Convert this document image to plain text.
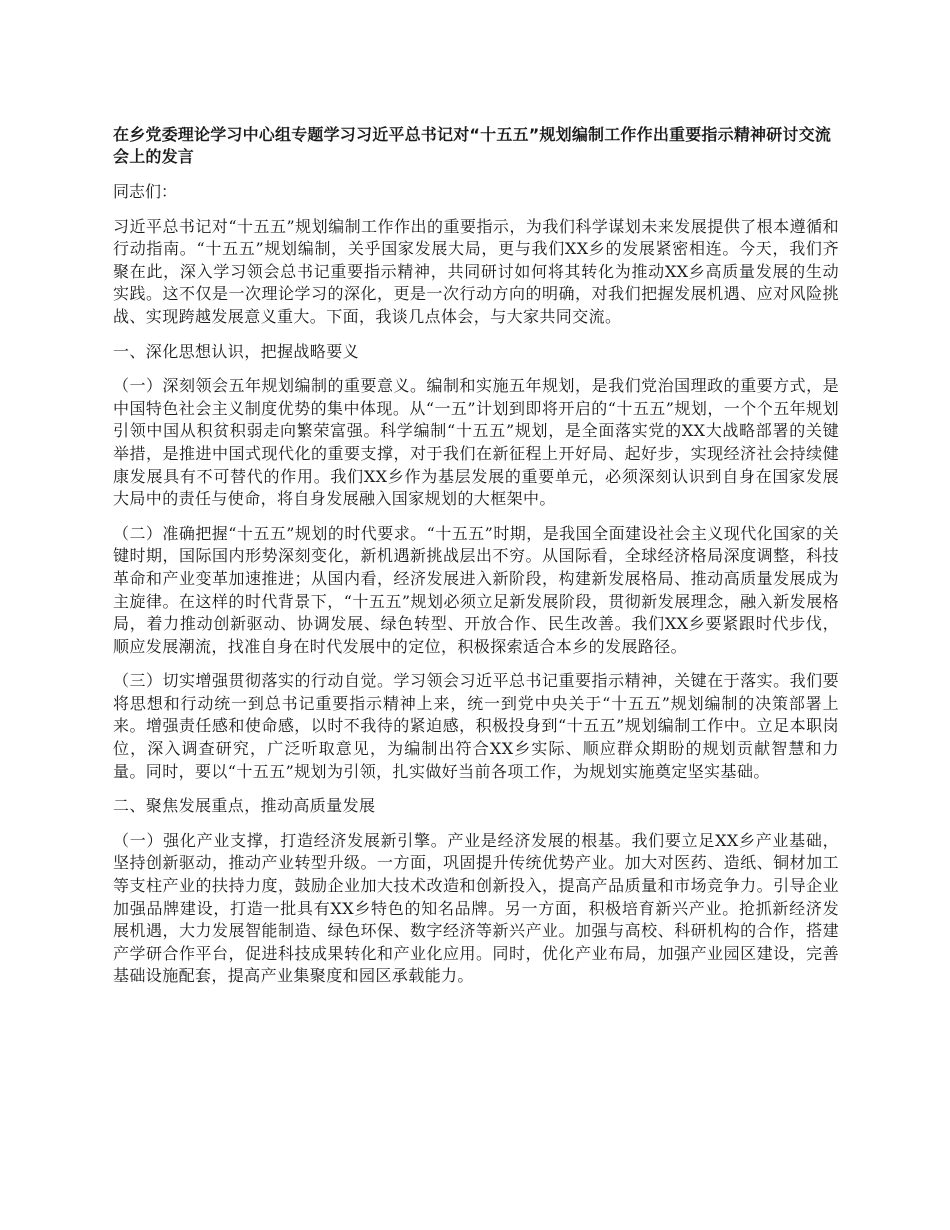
在乡党委理论学习中心组专题学习习近平总书记对“十五五”规划编制工作作出重要指示精神研讨交流会上的发言
同志们：
习近平总书记对“十五五”规划编制工作作出的重要指示，为我们科学谋划未来发展提供了根本遵循和行动指南。“十五五”规划编制，关乎国家发展大局，更与我们XX乡的发展紧密相连。今天，我们齐聚在此，深入学习领会总书记重要指示精神，共同研讨如何将其转化为推动XX乡高质量发展的生动实践。这不仅是一次理论学习的深化，更是一次行动方向的明确，对我们把握发展机遇、应对风险挑战、实现跨越发展意义重大。下面，我谈几点体会，与大家共同交流。
一、深化思想认识，把握战略要义
（一）深刻领会五年规划编制的重要意义。编制和实施五年规划，是我们党治国理政的重要方式，是中国特色社会主义制度优势的集中体现。从“一五”计划到即将开启的“十五五”规划，一个个五年规划引领中国从积贫积弱走向繁荣富强。科学编制“十五五”规划，是全面落实党的XX大战略部署的关键举措，是推进中国式现代化的重要支撑，对于我们在新征程上开好局、起好步，实现经济社会持续健康发展具有不可替代的作用。我们XX乡作为基层发展的重要单元，必须深刻认识到自身在国家发展大局中的责任与使命，将自身发展融入国家规划的大框架中。
（二）准确把握“十五五”规划的时代要求。“十五五”时期，是我国全面建设社会主义现代化国家的关键时期，国际国内形势深刻变化，新机遇新挑战层出不穷。从国际看，全球经济格局深度调整，科技革命和产业变革加速推进；从国内看，经济发展进入新阶段，构建新发展格局、推动高质量发展成为主旋律。在这样的时代背景下，“十五五”规划必须立足新发展阶段，贯彻新发展理念，融入新发展格局，着力推动创新驱动、协调发展、绿色转型、开放合作、民生改善。我们XX乡要紧跟时代步伐，顺应发展潮流，找准自身在时代发展中的定位，积极探索适合本乡的发展路径。
（三）切实增强贯彻落实的行动自觉。学习领会习近平总书记重要指示精神，关键在于落实。我们要将思想和行动统一到总书记重要指示精神上来，统一到党中央关于“十五五”规划编制的决策部署上来。增强责任感和使命感，以时不我待的紧迫感，积极投身到“十五五”规划编制工作中。立足本职岗位，深入调查研究，广泛听取意见，为编制出符合XX乡实际、顺应群众期盼的规划贡献智慧和力量。同时，要以“十五五”规划为引领，扎实做好当前各项工作，为规划实施奠定坚实基础。
二、聚焦发展重点，推动高质量发展
（一）强化产业支撑，打造经济发展新引擎。产业是经济发展的根基。我们要立足XX乡产业基础，坚持创新驱动，推动产业转型升级。一方面，巩固提升传统优势产业。加大对医药、造纸、铜材加工等支柱产业的扶持力度，鼓励企业加大技术改造和创新投入，提高产品质量和市场竞争力。引导企业加强品牌建设，打造一批具有XX乡特色的知名品牌。另一方面，积极培育新兴产业。抢抓新经济发展机遇，大力发展智能制造、绿色环保、数字经济等新兴产业。加强与高校、科研机构的合作，搭建产学研合作平台，促进科技成果转化和产业化应用。同时，优化产业布局，加强产业园区建设，完善基础设施配套，提高产业集聚度和园区承载能力。
